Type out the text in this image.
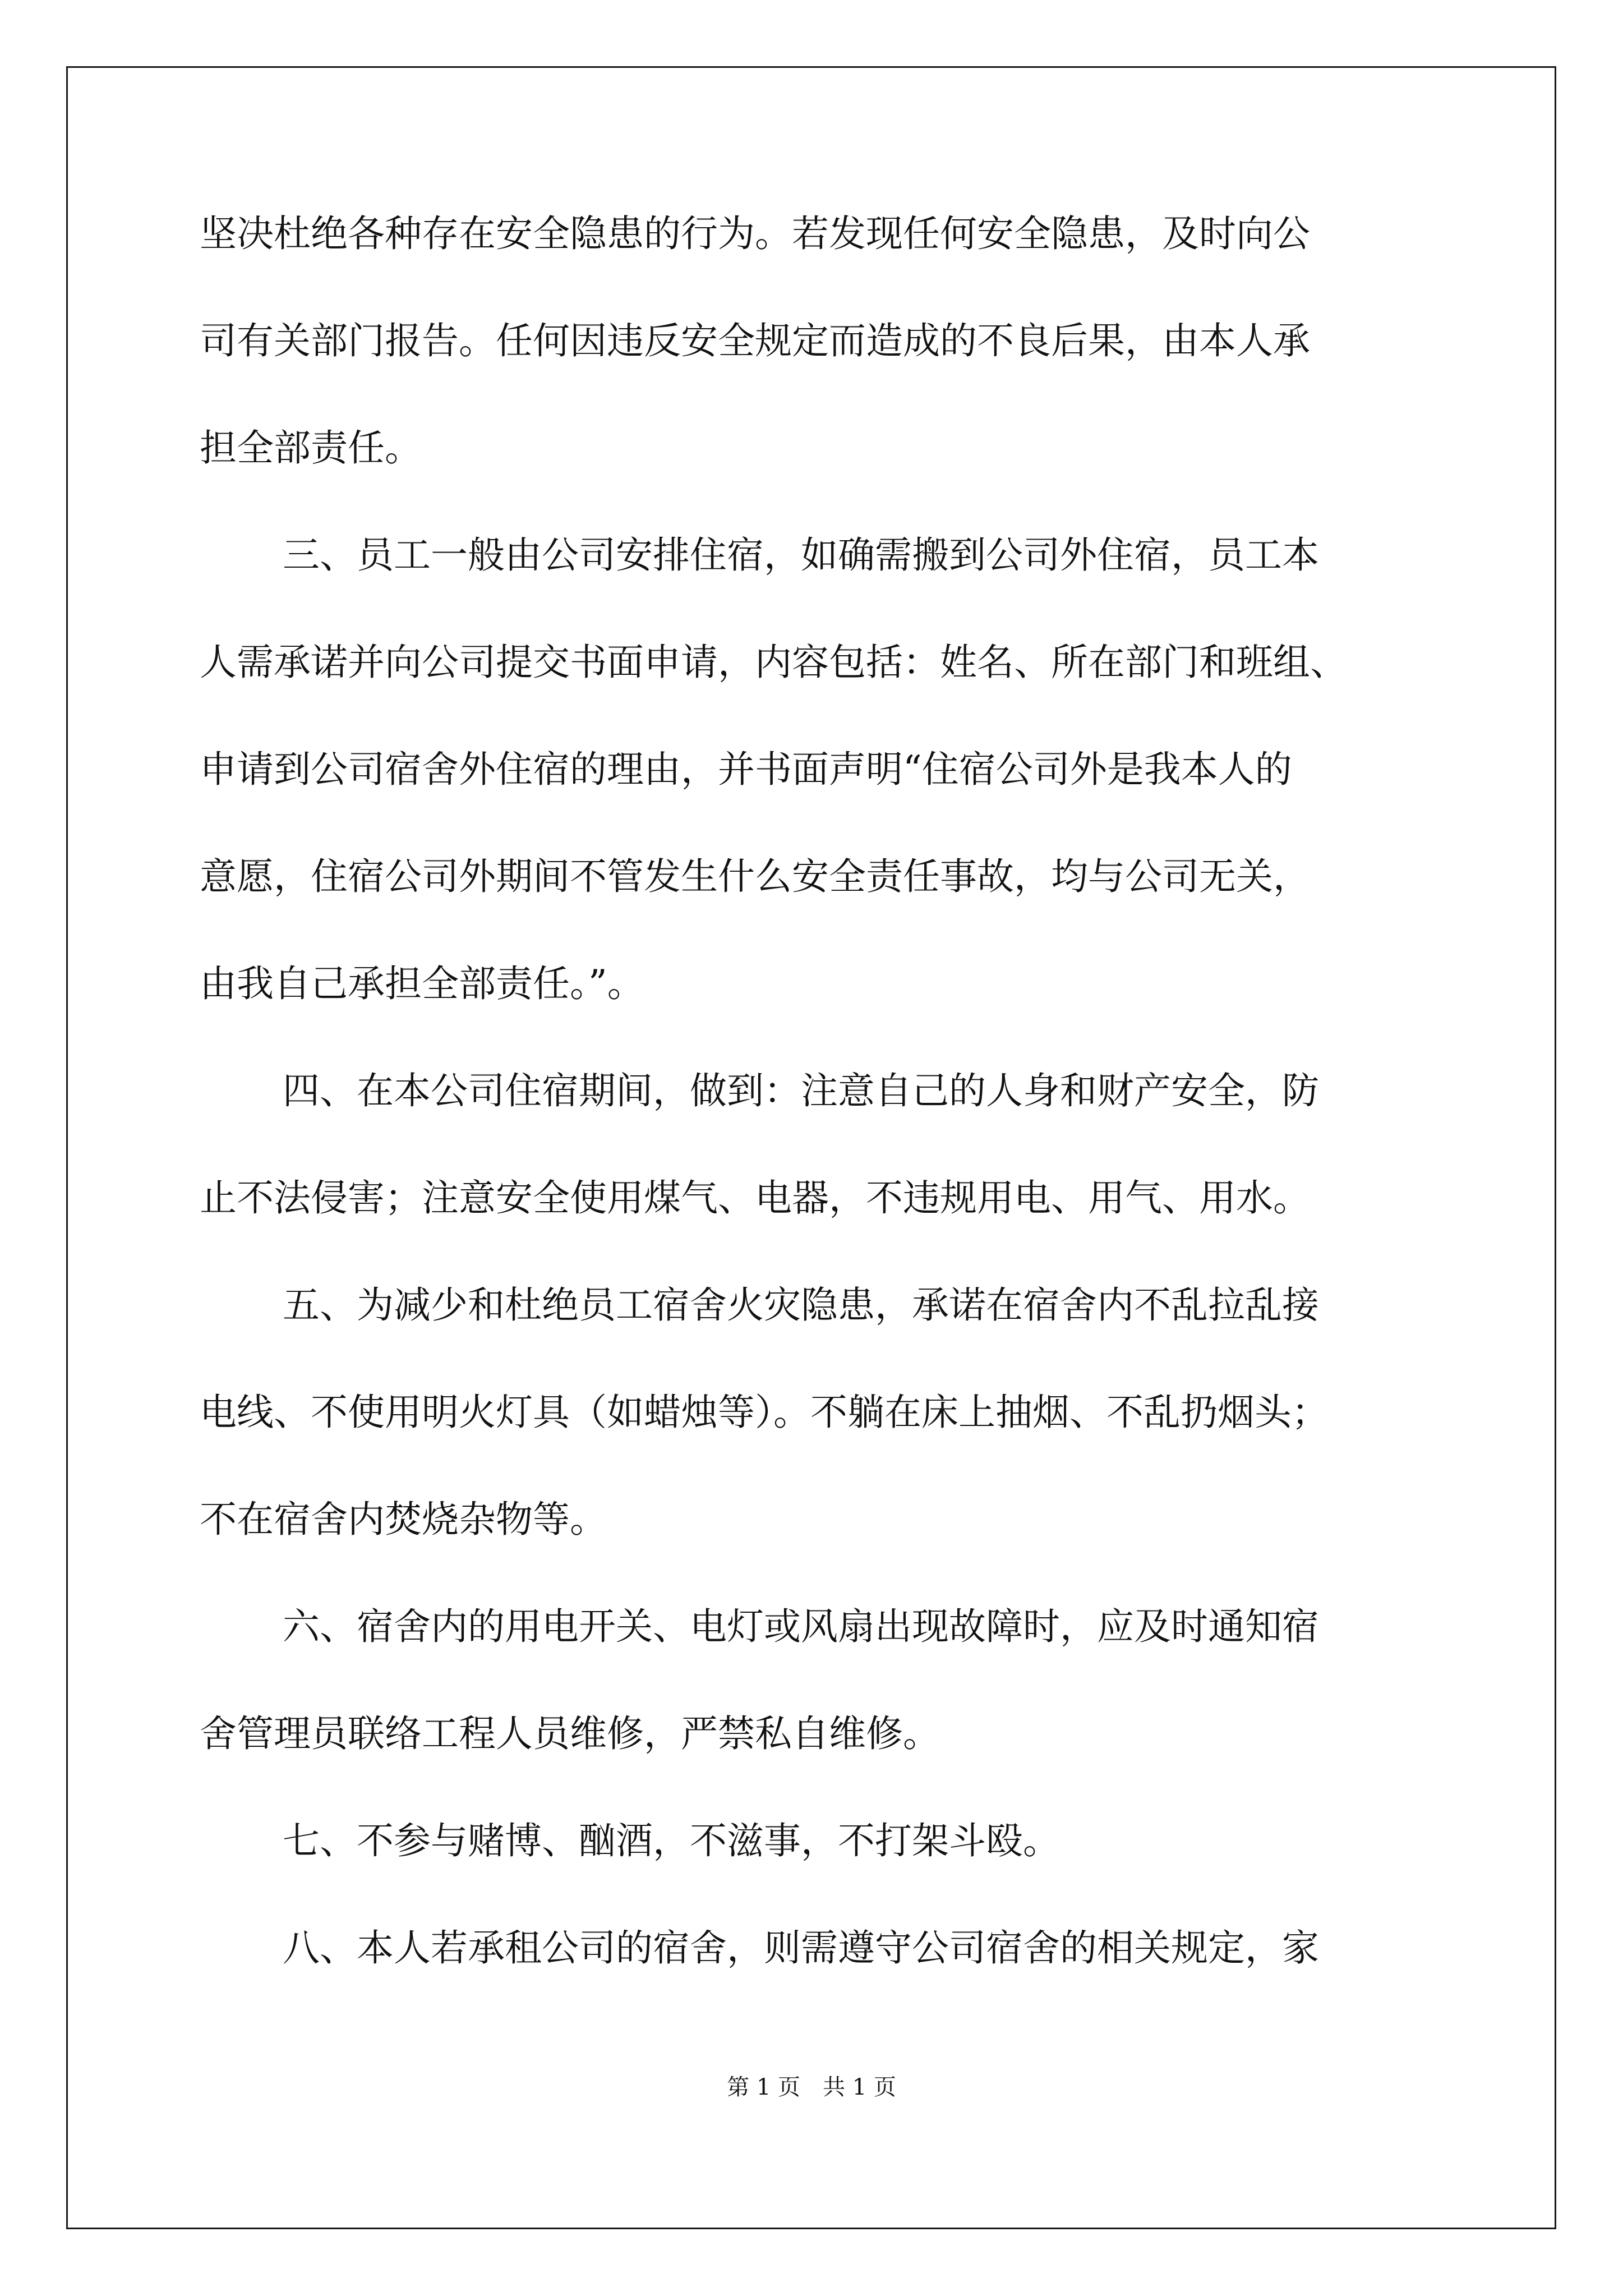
坚决杜绝各种存在安全隐患的行为。若发现任何安全隐患，及时向公
司有关部门报告。任何因违反安全规定而造成的不良后果，由本人承
担全部责任。
三、员工一般由公司安排住宿，如确需搬到公司外住宿，员工本
人需承诺并向公司提交书面申请，内容包括：姓名、所在部门和班组、
申请到公司宿舍外住宿的理由，并书面声明“住宿公司外是我本人的
意愿，住宿公司外期间不管发生什么安全责任事故，均与公司无关，
由我自己承担全部责任。”。
四、在本公司住宿期间，做到：注意自己的人身和财产安全，防
止不法侵害；注意安全使用煤气、电器，不违规用电、用气、用水。
五、为减少和杜绝员工宿舍火灾隐患，承诺在宿舍内不乱拉乱接
电线、不使用明火灯具（如蜡烛等）。不躺在床上抽烟、不乱扔烟头；
不在宿舍内焚烧杂物等。
六、宿舍内的用电开关、电灯或风扇出现故障时，应及时通知宿
舍管理员联络工程人员维修，严禁私自维修。
七、不参与赌博、酗酒，不滋事，不打架斗殴。
八、本人若承租公司的宿舍，则需遵守公司宿舍的相关规定，家
第 1 页　共 1 页
